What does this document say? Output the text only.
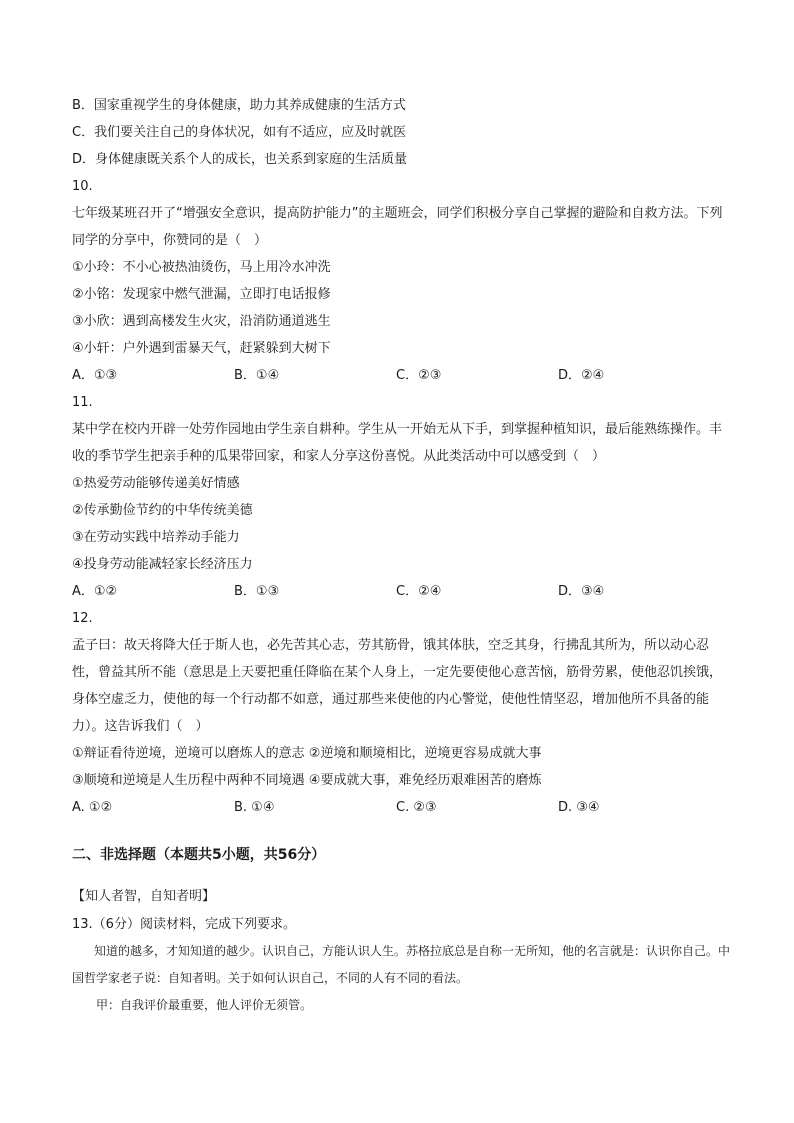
B．国家重视学生的身体健康，助力其养成健康的生活方式
C．我们要关注自己的身体状况，如有不适应，应及时就医
D．身体健康既关系个人的成长，也关系到家庭的生活质量
10.
七年级某班召开了“增强安全意识，提高防护能力”的主题班会，同学们积极分享自己掌握的避险和自救方法。下列同学的分享中，你赞同的是（　）
①小玲：不小心被热油烫伤，马上用冷水冲洗
②小铭：发现家中燃气泄漏，立即打电话报修
③小欣：遇到高楼发生火灾，沿消防通道逃生
④小轩：户外遇到雷暴天气，赶紧躲到大树下
A．①③	B．①④	C．②③	D．②④
11.
某中学在校内开辟一处劳作园地由学生亲自耕种。学生从一开始无从下手，到掌握种植知识，最后能熟练操作。丰收的季节学生把亲手种的瓜果带回家，和家人分享这份喜悦。从此类活动中可以感受到（　）
①热爱劳动能够传递美好情感
②传承勤俭节约的中华传统美德
③在劳动实践中培养动手能力
④投身劳动能减轻家长经济压力
A．①②	B．①③	C．②④	D．③④
12.
孟子曰：故天将降大任于斯人也，必先苦其心志，劳其筋骨，饿其体肤，空乏其身，行拂乱其所为，所以动心忍性，曾益其所不能（意思是上天要把重任降临在某个人身上，一定先要使他心意苦恼，筋骨劳累，使他忍饥挨饿，身体空虚乏力，使他的每一个行动都不如意，通过那些来使他的内心警觉，使他性情坚忍，增加他所不具备的能力）。这告诉我们（　）
①辩证看待逆境，逆境可以磨炼人的意志 ②逆境和顺境相比，逆境更容易成就大事
③顺境和逆境是人生历程中两种不同境遇 ④要成就大事，难免经历艰难困苦的磨炼
A. ①②	B. ①④	C. ②③	D. ③④
二、非选择题（本题共5小题，共56分）
【知人者智，自知者明】
13.（6分）阅读材料，完成下列要求。
知道的越多，才知知道的越少。认识自己，方能认识人生。苏格拉底总是自称一无所知，他的名言就是：认识你自己。中国哲学家老子说：自知者明。关于如何认识自己，不同的人有不同的看法。
甲：自我评价最重要，他人评价无须管。
